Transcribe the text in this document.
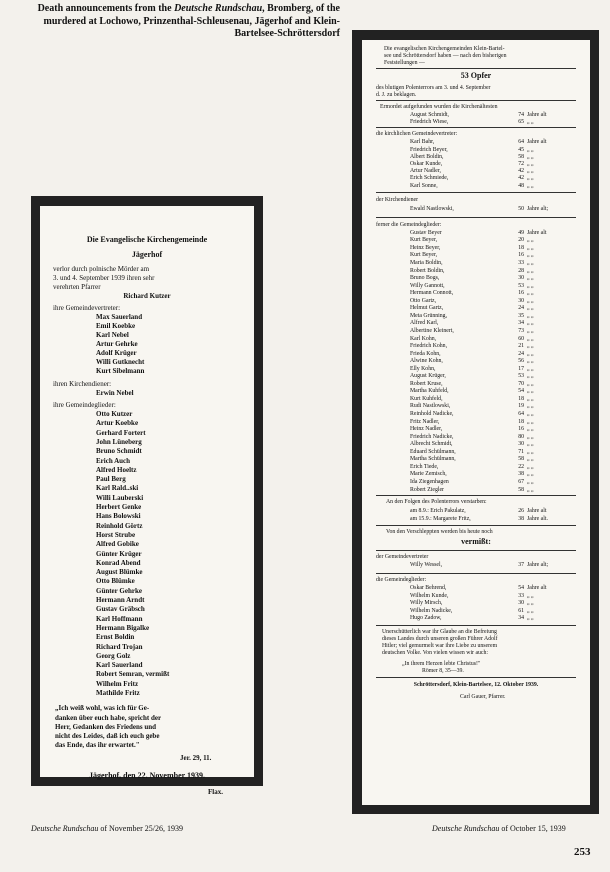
Death announcements from the Deutsche Rundschau, Bromberg, of the murdered at Lochowo, Prinzenthal-Schleusenau, Jägerhof and Klein-Bartelsee-Schröttersdorf
Die Evangelische Kirchengemeinde
Jägerhof
verlor durch polnische Mörder am
3. und 4. September 1939 ihren sehr
verehrten Pfarrer
Richard Kutzer
ihre Gemeindevertreter:
Max Sauerland
Emil Koebke
Karl Nebel
Artur Gehrke
Adolf Krüger
Willi Gutknecht
Kurt Sibelmann
ihren Kirchendiener:
Erwin Nebel
ihre Gemeindeglieder:
Otto Kutzer
Artur Koebke
Gerhard Fortert
John Lüneberg
Bruno Schmidt
Erich Auch
Alfred Hoeltz
Paul Berg
Karl Rald..ski
Willi Lauberski
Herbert Genke
Hans Bolowski
Reinhold Görtz
Horst Strube
Alfred Gobike
Günter Krüger
Konrad Abend
August Blümke
Otto Blümke
Günter Gehrke
Hermann Arndt
Gustav Gräbsch
Karl Hoffmann
Hermann Bigalke
Ernst Boldin
Richard Trojan
Georg Golz
Karl Sauerland
Robert Semran, vermißt
Wilhelm Fritz
Mathilde Fritz
„Ich weiß wohl, was ich für Ge-
danken über euch habe, spricht der
Herr, Gedanken des Friedens und
nicht des Leides, daß ich euch gebe
das Ende, das ihr erwartet."
Jer. 29, 11.
Jägerhof, den 22. November 1939.
Flax.
Die evangelischen Kirchengemeinden Klein-Bartel-
see und Schröttersdorf haben — nach den bisherigen
Feststellungen —
53 Opfer
des blutigen Polenterrors am 3. und 4. September
d. J. zu beklagen.
Ermordet aufgefunden wurden die Kirchenältesten
August Schmidt,	74 Jahre alt
Friedrich Wiese,	65 „ „
die kirchlichen Gemeindevertreter:
Karl Bahr,	64 Jahre alt
Friedrich Beyer,	45 „ „
Albert Boldin,	58 „ „
Oskar Kunde,	72 „ „
Artur Nadler,	42 „ „
Erich Schmiede,	42 „ „
Karl Sonne,	48 „ „
der Kirchendiener
Ewald Nastlowski,	50 Jahre alt;
ferner die Gemeindeglieder:
Gustav Beyer	49 Jahre alt
Kurt Beyer,	20 „ „
Heinz Beyer,	18 „ „
Kurt Beyer,	16 „ „
Maria Boldin,	33 „ „
Robert Boldin,	28 „ „
Bruno Bogs,	30 „ „
Willy Gannott,	53 „ „
Hermann Connott,	16 „ „
Otto Gartz,	30 „ „
Helmut Gartz,	24 „ „
Meta Grünning,	35 „ „
Alfred Karl,	34 „ „
Albertine Kleinert,	73 „ „
Karl Kohn,	60 „ „
Friedrich Kohn,	21 „ „
Frieda Kohn,	24 „ „
Alwine Kohn,	56 „ „
Elly Kohn,	17 „ „
August Krüger,	53 „ „
Robert Kruse,	70 „ „
Martha Kuhfeld,	54 „ „
Kurt Kuhfeld,	18 „ „
Rudi Nastlowski,	19 „ „
Reinhold Nadicke,	64 „ „
Fritz Nadler,	18 „ „
Heinz Nadler,	16 „ „
Friedrich Nadicke,	80 „ „
Albrecht Schmidt,	30 „ „
Eduard Schülmann,	71 „ „
Martha Schülmann,	58 „ „
Erich Tiede,	22 „ „
Marie Zemisch,	38 „ „
Ida Ziegenhagen	67 „ „
Robert Ziegler	58 „ „
An den Folgen des Polenterrors verstarben:
am 8.9.: Erich Pakulatz,	26 Jahre alt
am 15.9.: Margarete Fritz,	38 Jahre alt.
Von den Verschleppten werden bis heute noch
vermißt:
der Gemeindevertreter
Willy Wessel,	37 Jahre alt;
die Gemeindeglieder:
Oskar Behrend,	54 Jahre alt
Wilhelm Kunde,	33 „ „
Willy Mirsch,	30 „ „
Wilhelm Nadicke,	61 „ „
Hugo Zadow,	34 „ „
Unerschütterlich war ihr Glaube an die Befreiung
dieses Landes durch unseren großen Führer Adolf
Hitler; viel gemurmelt war ihre Liebe zu unserem
deutschen Volke. Von vielen wissen wir auch:
„In ihrem Herzen lebte Christus!"
Römer 8, 35—39.
Schröttersdorf, Klein-Bartelsee, 12. Oktober 1939.
Carl Gauer, Pfarrer.
Deutsche Rundschau of November 25/26, 1939	Deutsche Rundschau of October 15, 1939
253
